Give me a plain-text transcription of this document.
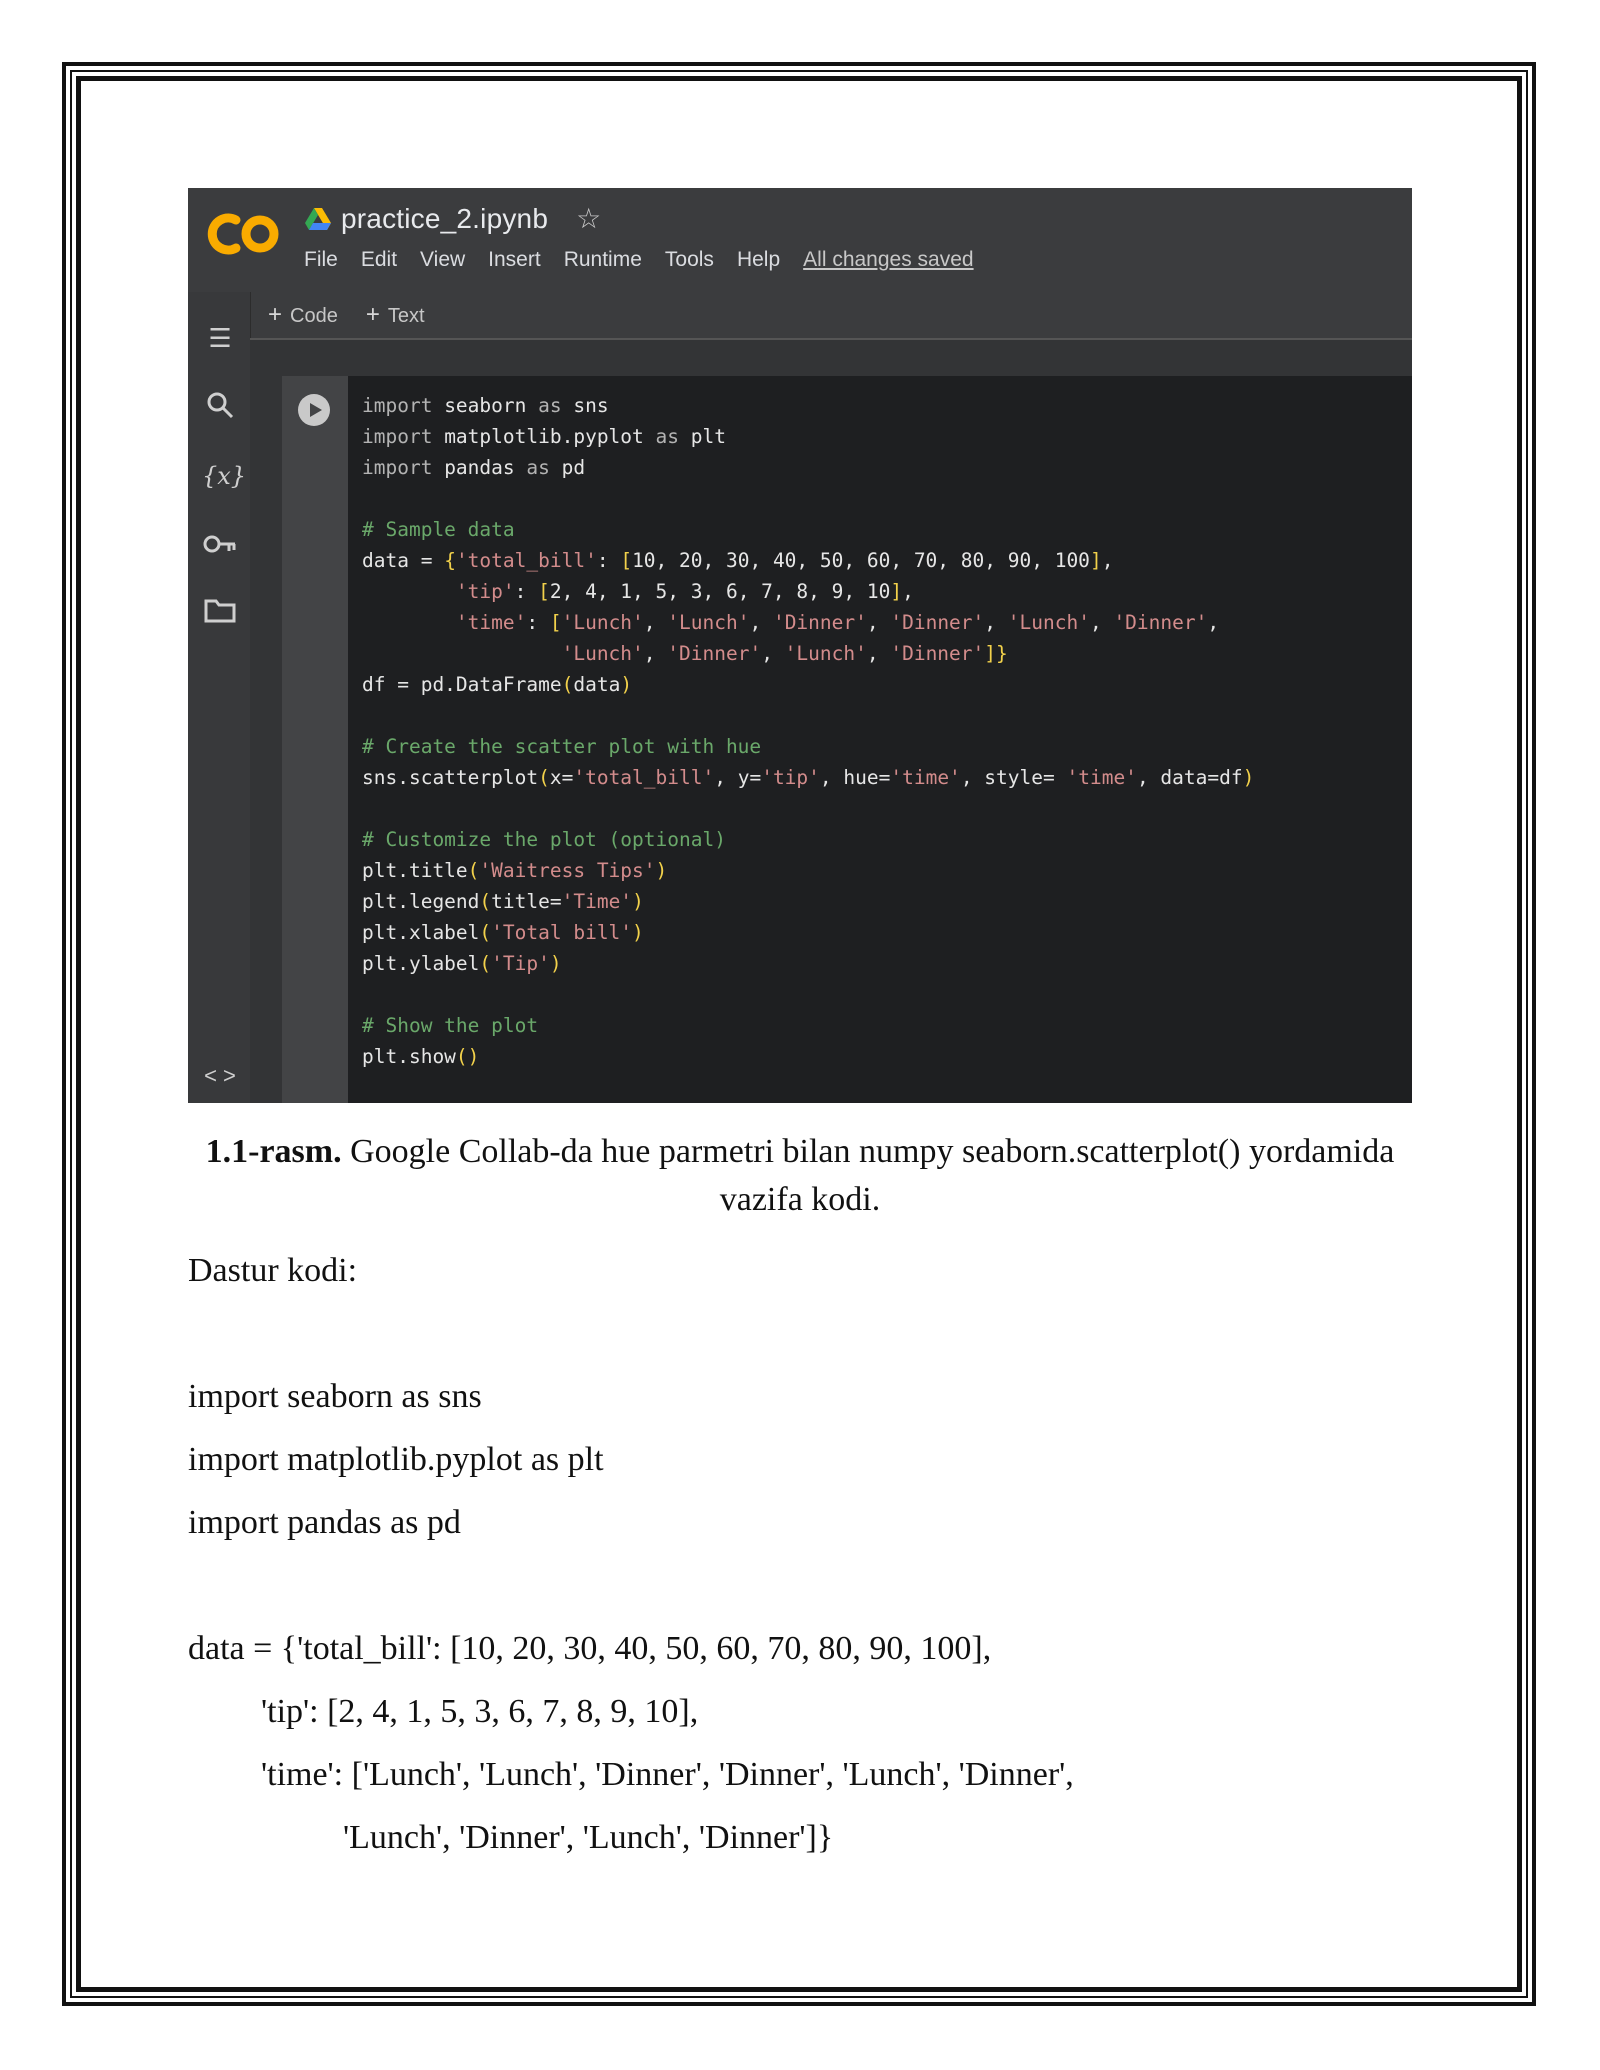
practice_2.ipynb ☆
File Edit View Insert Runtime Tools Help All changes saved
☰
{x}
< >
+ Code + Text
import seaborn as sns
import matplotlib.pyplot as plt
import pandas as pd

# Sample data
data = {'total_bill': [10, 20, 30, 40, 50, 60, 70, 80, 90, 100],
'tip': [2, 4, 1, 5, 3, 6, 7, 8, 9, 10],
'time': ['Lunch', 'Lunch', 'Dinner', 'Dinner', 'Lunch', 'Dinner',
'Lunch', 'Dinner', 'Lunch', 'Dinner']}
df = pd.DataFrame(data)

# Create the scatter plot with hue
sns.scatterplot(x='total_bill', y='tip', hue='time', style= 'time', data=df)

# Customize the plot (optional)
plt.title('Waitress Tips')
plt.legend(title='Time')
plt.xlabel('Total bill')
plt.ylabel('Tip')

# Show the plot
plt.show()
1.1-rasm. Google Collab-da hue parmetri bilan numpy seaborn.scatterplot() yordamida vazifa kodi.
Dastur kodi:
import seaborn as sns
import matplotlib.pyplot as plt
import pandas as pd
data = {'total_bill': [10, 20, 30, 40, 50, 60, 70, 80, 90, 100],
'tip': [2, 4, 1, 5, 3, 6, 7, 8, 9, 10],
'time': ['Lunch', 'Lunch', 'Dinner', 'Dinner', 'Lunch', 'Dinner',
'Lunch', 'Dinner', 'Lunch', 'Dinner']}
